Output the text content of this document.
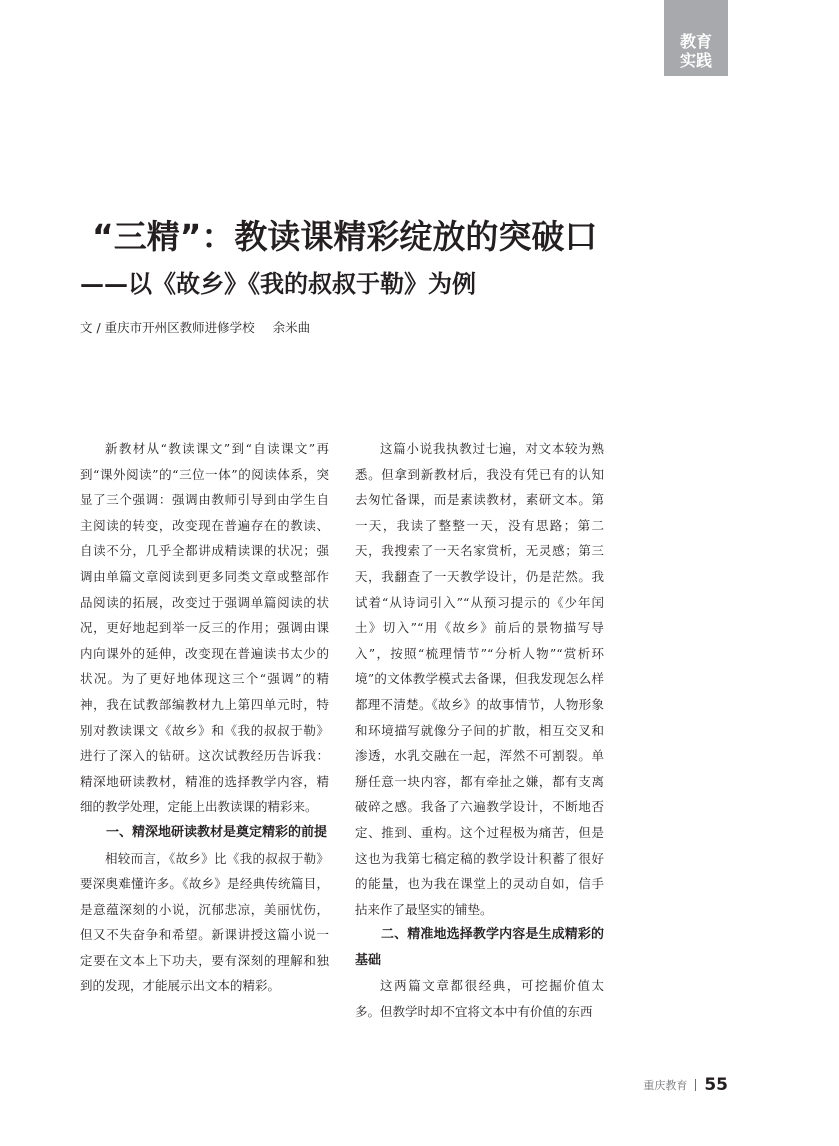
教育
实践
“三精”：教读课精彩绽放的突破口
——以《故乡》《我的叔叔于勒》为例
文 / 重庆市开州区教师进修学校 余米曲

新教材从“教读课文”到“自读课文”再到“课外阅读”的“三位一体”的阅读体系，突显了三个强调：强调由教师引导到由学生自主阅读的转变，改变现在普遍存在的教读、自读不分，几乎全都讲成精读课的状况；强调由单篇文章阅读到更多同类文章或整部作品阅读的拓展，改变过于强调单篇阅读的状况，更好地起到举一反三的作用；强调由课内向课外的延伸，改变现在普遍读书太少的状况。为了更好地体现这三个“强调”的精神，我在试教部编教材九上第四单元时，特别对教读课文《故乡》和《我的叔叔于勒》进行了深入的钻研。这次试教经历告诉我：精深地研读教材，精准的选择教学内容，精细的教学处理，定能上出教读课的精彩来。

一、精深地研读教材是奠定精彩的前提

相较而言，《故乡》比《我的叔叔于勒》要深奥难懂许多。《故乡》是经典传统篇目，是意蕴深刻的小说，沉郁悲凉，美丽忧伤，但又不失奋争和希望。新课讲授这篇小说一定要在文本上下功夫，要有深刻的理解和独到的发现，才能展示出文本的精彩。

这篇小说我执教过七遍，对文本较为熟悉。但拿到新教材后，我没有凭已有的认知去匆忙备课，而是素读教材，素研文本。第一天，我读了整整一天，没有思路；第二天，我搜索了一天名家赏析，无灵感；第三天，我翻查了一天教学设计，仍是茫然。我试着“从诗词引入”“从预习提示的《少年闰土》切入”“用《故乡》前后的景物描写导入”，按照“梳理情节”“分析人物”“赏析环境”的文体教学模式去备课，但我发现怎么样都理不清楚。《故乡》的故事情节，人物形象和环境描写就像分子间的扩散，相互交叉和渗透，水乳交融在一起，浑然不可割裂。单掰任意一块内容，都有牵扯之嫌，都有支离破碎之感。我备了六遍教学设计，不断地否定、推到、重构。这个过程极为痛苦，但是这也为我第七稿定稿的教学设计积蓄了很好的能量，也为我在课堂上的灵动自如，信手拈来作了最坚实的铺垫。

二、精准地选择教学内容是生成精彩的基础

这两篇文章都很经典，可挖掘价值太多。但教学时却不宜将文本中有价值的东西

重庆教育 55
